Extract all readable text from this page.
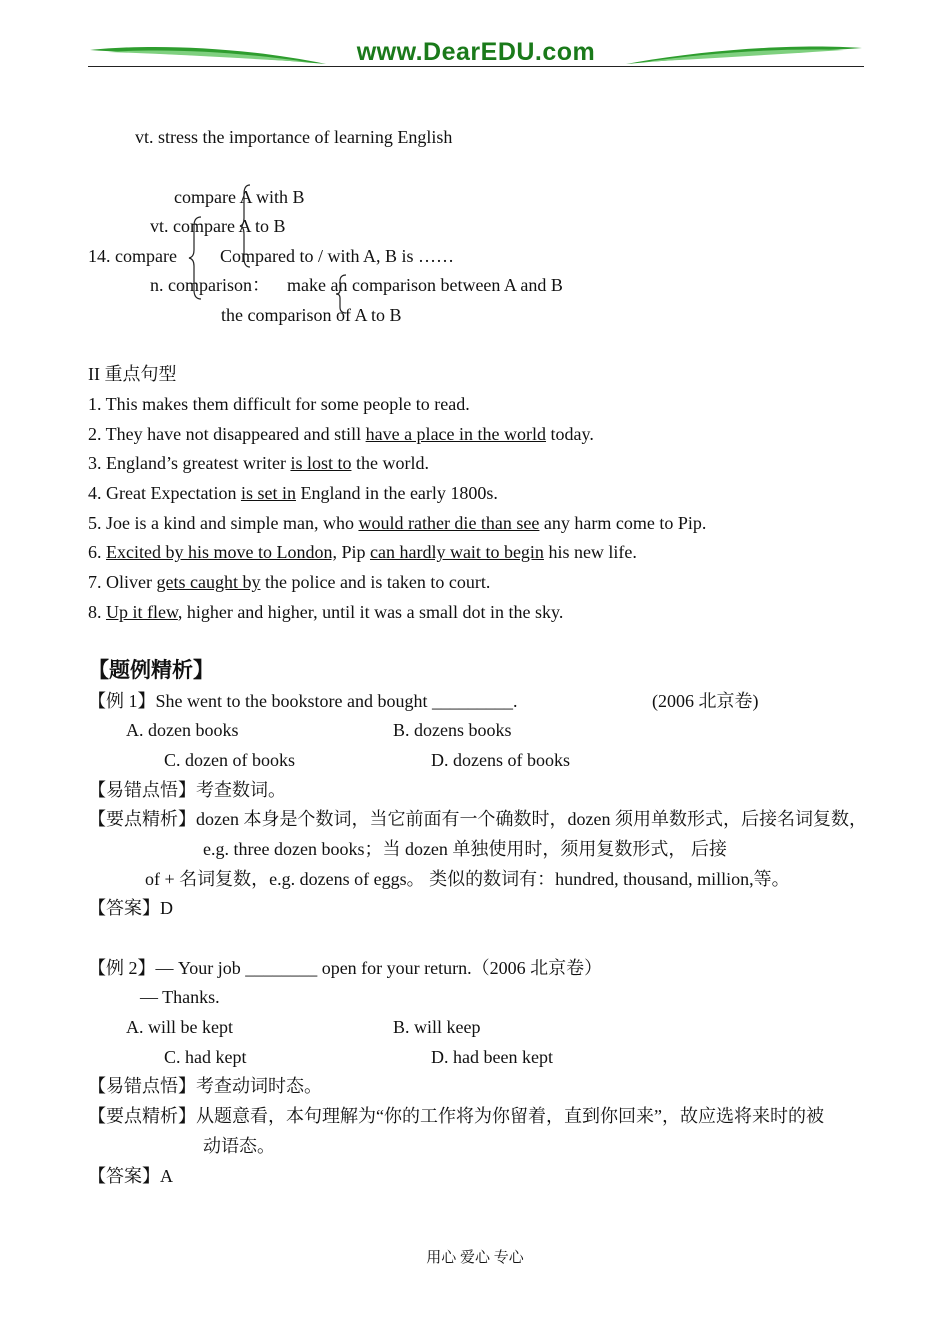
www.DearEDU.com
vt. stress the importance of learning English
compare A with B
vt. compare A to B
14. compare Compared to / with A, B is ……
n. comparison： make an comparison between A and B
the comparison of A to B
II 重点句型
1. This makes them difficult for some people to read.
2. They have not disappeared and still have a place in the world today.
3. England’s greatest writer is lost to the world.
4. Great Expectation is set in England in the early 1800s.
5. Joe is a kind and simple man, who would rather die than see any harm come to Pip.
6. Excited by his move to London, Pip can hardly wait to begin his new life.
7. Oliver gets caught by the police and is taken to court.
8. Up it flew, higher and higher, until it was a small dot in the sky.
【题例精析】
【例 1】She went to the bookstore and bought _________.	(2006 北京卷)
A. dozen books	B. dozens books
C. dozen of books	D. dozens of books
【易错点悟】考查数词。
【要点精析】dozen 本身是个数词，当它前面有一个确数时，dozen 须用单数形式，后接名词复数，
e.g. three dozen books；当 dozen 单独使用时，须用复数形式， 后接
of + 名词复数，e.g. dozens of eggs。 类似的数词有：hundred, thousand, million,等。
【答案】D
【例 2】— Your job ________ open for your return.（2006 北京卷）
— Thanks.
A. will be kept	B. will keep
C. had kept	D. had been kept
【易错点悟】考查动词时态。
【要点精析】从题意看，本句理解为“你的工作将为你留着，直到你回来”，故应选将来时的被
动语态。
【答案】A
用心 爱心 专心
